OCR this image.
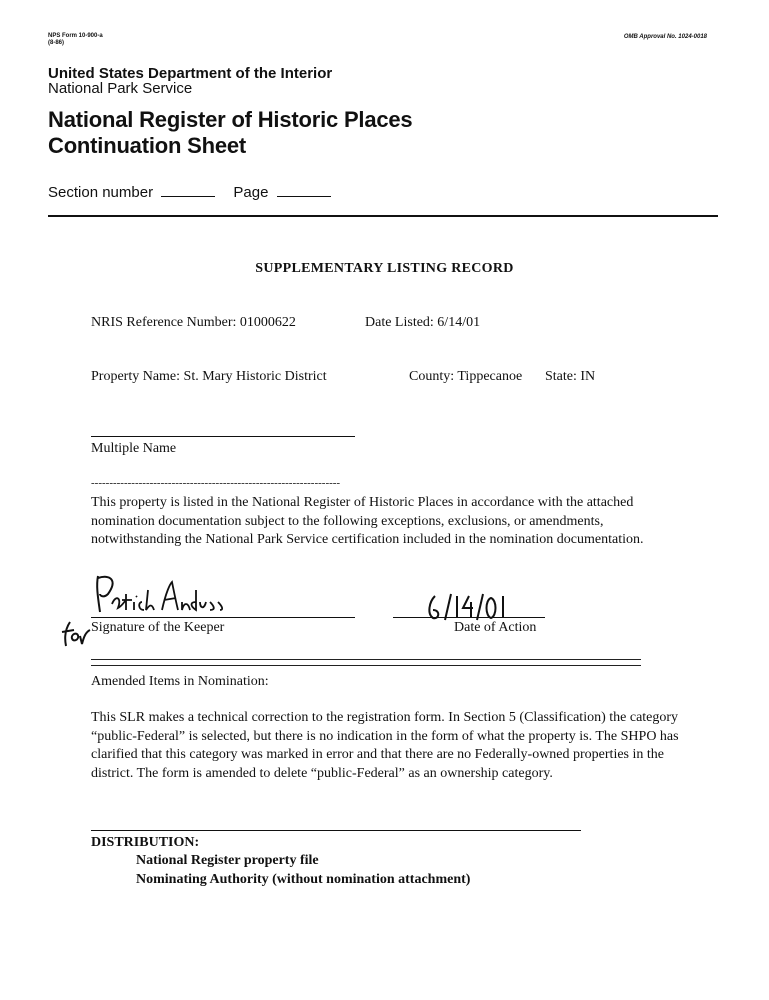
NPS Form 10-900-a
(8-86)
OMB Approval No. 1024-0018
United States Department of the Interior
National Park Service
National Register of Historic Places
Continuation Sheet
Section number	Page
SUPPLEMENTARY LISTING RECORD
NRIS Reference Number: 01000622	Date Listed: 6/14/01
Property Name: St. Mary Historic District	County: Tippecanoe State: IN
Multiple Name
--------------------------------------------------------------------
This property is listed in the National Register of Historic Places in accordance with the attached nomination documentation subject to the following exceptions, exclusions, or amendments, notwithstanding the National Park Service certification included in the nomination documentation.
Signature of the Keeper	Date of Action
Amended Items in Nomination:
This SLR makes a technical correction to the registration form. In Section 5 (Classification) the category “public-Federal” is selected, but there is no indication in the form of what the property is. The SHPO has clarified that this category was marked in error and that there are no Federally-owned properties in the district. The form is amended to delete “public-Federal” as an ownership category.
DISTRIBUTION:
National Register property file
Nominating Authority (without nomination attachment)
